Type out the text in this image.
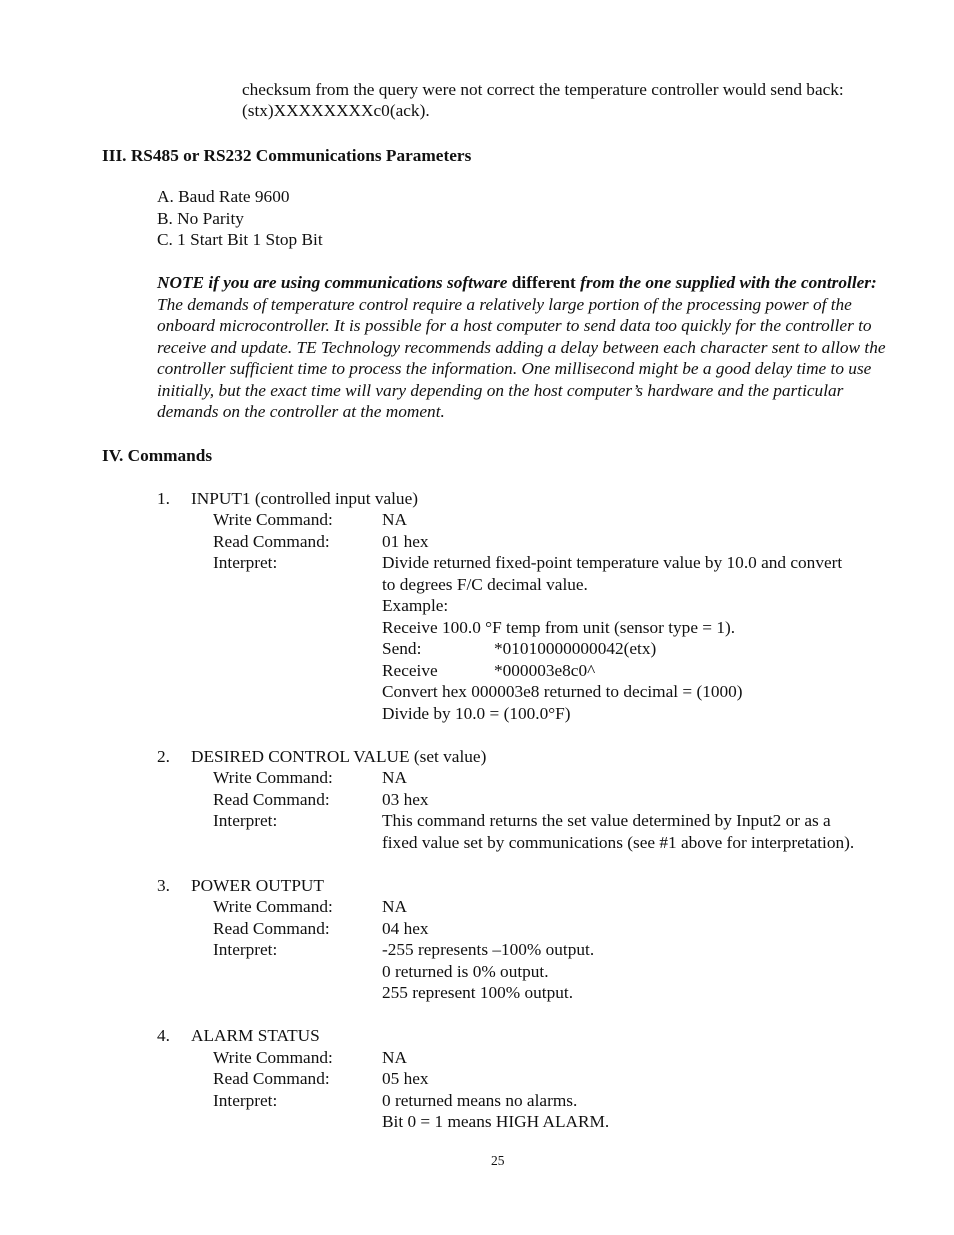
checksum from the query were not correct the temperature controller would send back:
(stx)XXXXXXXXc0(ack).
III. RS485 or RS232 Communications Parameters
A. Baud Rate 9600
B. No Parity
C. 1 Start Bit 1 Stop Bit
NOTE if you are using communications software different from the one supplied with the controller: The demands of temperature control require a relatively large portion of the processing power of the onboard microcontroller. It is possible for a host computer to send data too quickly for the controller to receive and update. TE Technology recommends adding a delay between each character sent to allow the controller sufficient time to process the information. One millisecond might be a good delay time to use initially, but the exact time will vary depending on the host computer’s hardware and the particular demands on the controller at the moment.
IV. Commands
1. INPUT1 (controlled input value)
Write Command:	NA
Read Command:	01 hex
Interpret:	Divide returned fixed-point temperature value by 10.0 and convert
to degrees F/C decimal value.
Example:
Receive 100.0 °F temp from unit (sensor type = 1).
Send:	*01010000000042(etx)
Receive	*000003e8c0^
Convert hex 000003e8 returned to decimal = (1000)
Divide by 10.0 = (100.0°F)
2. DESIRED CONTROL VALUE (set value)
Write Command:	NA
Read Command:	03 hex
Interpret:	This command returns the set value determined by Input2 or as a
fixed value set by communications (see #1 above for interpretation).
3. POWER OUTPUT
Write Command:	NA
Read Command:	04 hex
Interpret:	-255 represents –100% output.
0 returned is 0% output.
255 represent 100% output.
4. ALARM STATUS
Write Command:	NA
Read Command:	05 hex
Interpret:	0 returned means no alarms.
Bit 0 = 1 means HIGH ALARM.
25
